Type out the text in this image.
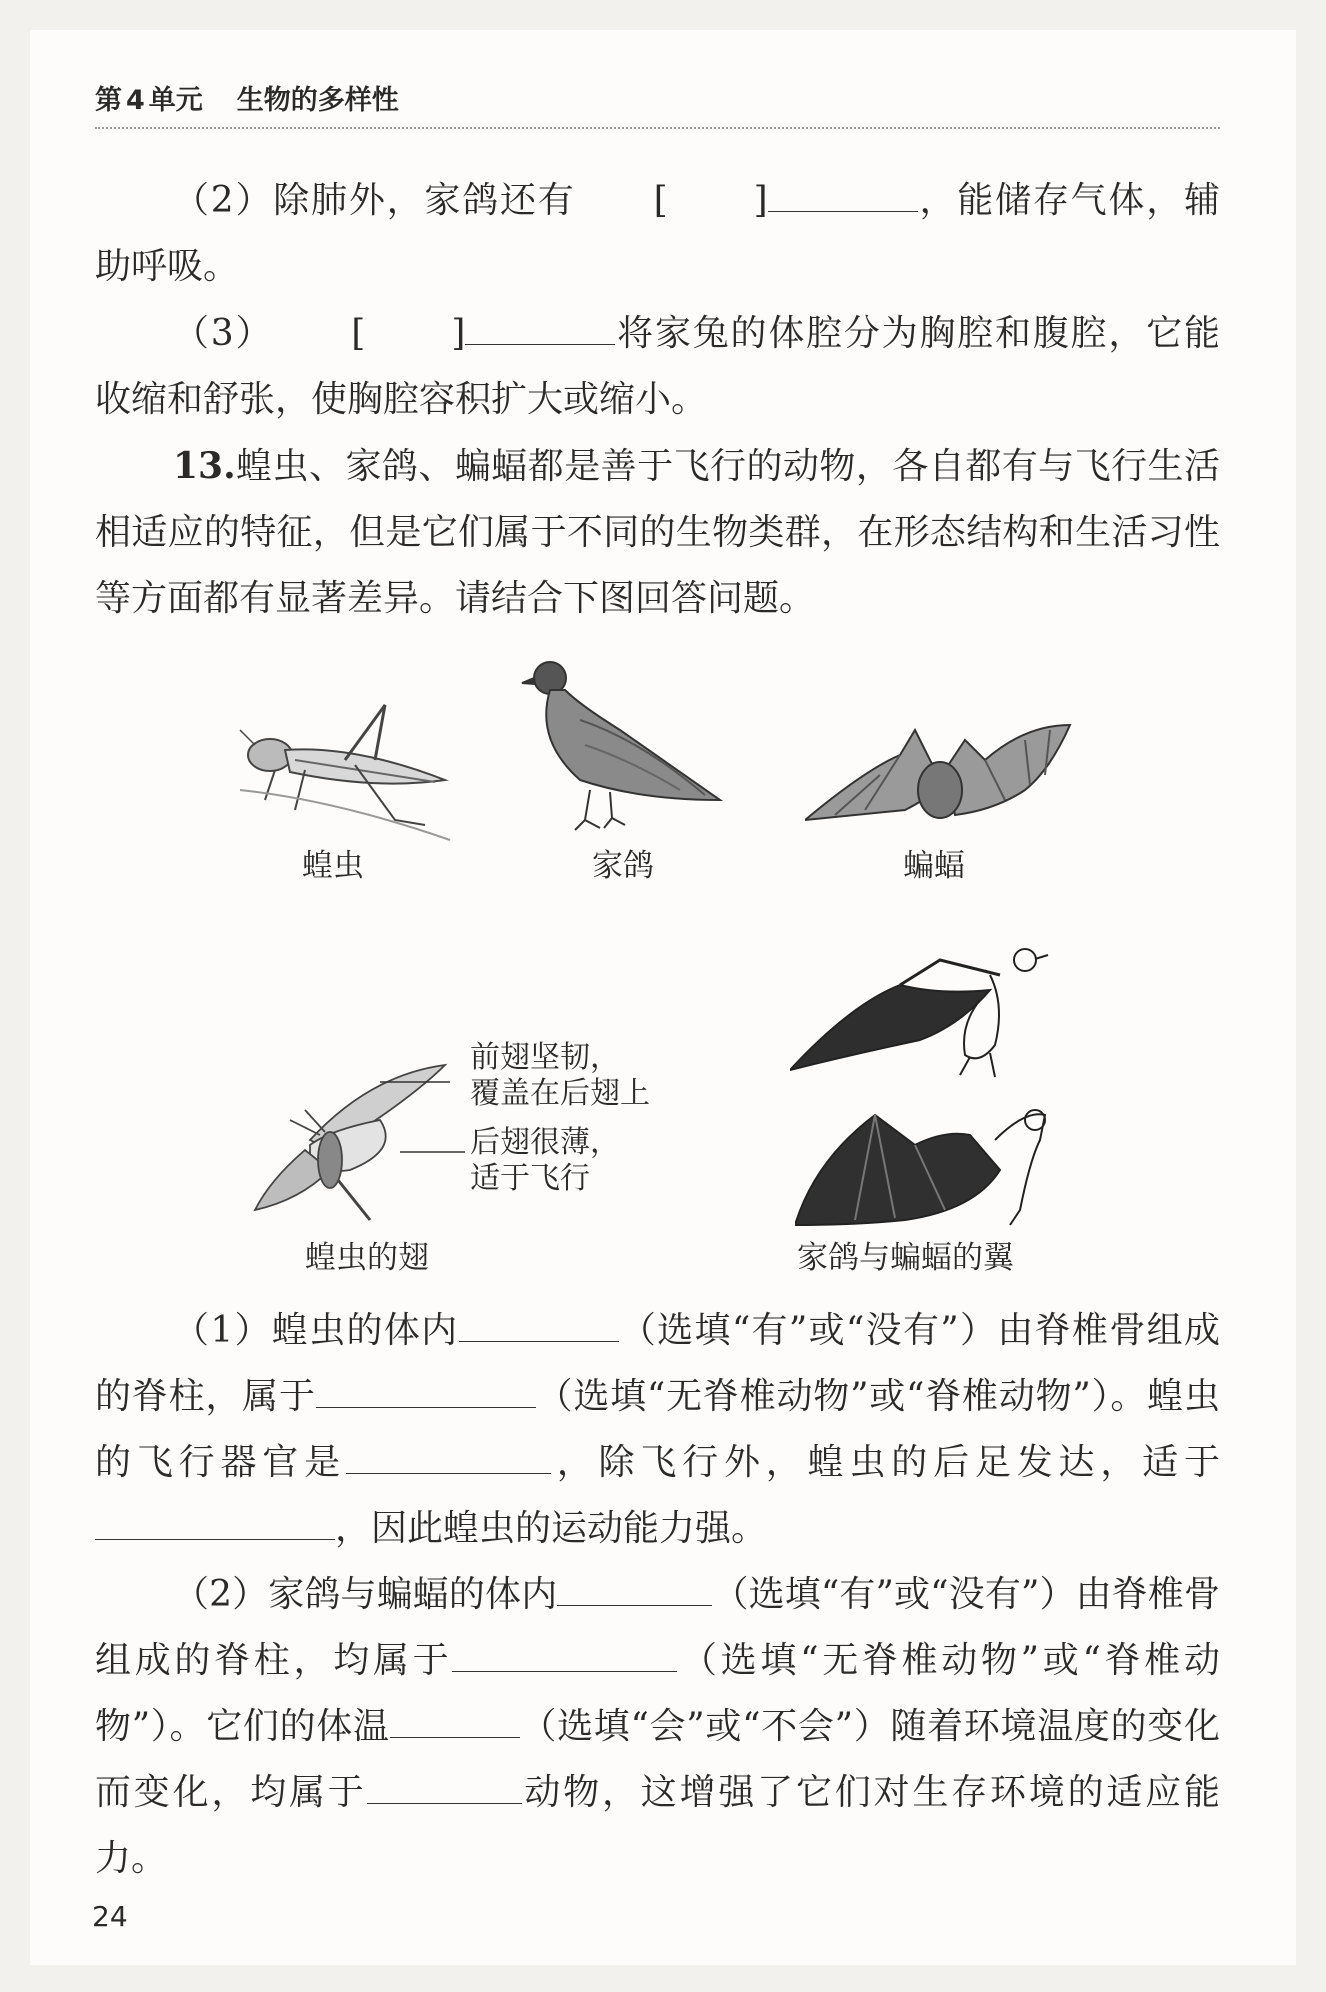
第 4 单元 生物的多样性

（2）除肺外，家鸽还有 [ ]	，能储存气体，辅助呼吸。

（3） [ ]	将家兔的体腔分为胸腔和腹腔，它能收缩和舒张，使胸腔容积扩大或缩小。

13.蝗虫、家鸽、蝙蝠都是善于飞行的动物，各自都有与飞行生活相适应的特征，但是它们属于不同的生物类群，在形态结构和生活习性等方面都有显著差异。请结合下图回答问题。

蝗虫	家鸽	蝙蝠
前翅坚韧，
覆盖在后翅上
后翅很薄，
适于飞行
蝗虫的翅	家鸽与蝙蝠的翼

（1）蝗虫的体内	（选填“有”或“没有”）由脊椎骨组成的脊柱，属于	（选填“无脊椎动物”或“脊椎动物”）。蝗虫的飞行器官是	，除飞行外，蝗虫的后足发达，适于，因此蝗虫的运动能力强。

（2）家鸽与蝙蝠的体内	（选填“有”或“没有”）由脊椎骨组成的脊柱，均属于	（选填“无脊椎动物”或“脊椎动物”）。它们的体温	（选填“会”或“不会”）随着环境温度的变化而变化，均属于	动物，这增强了它们对生存环境的适应能力。

24
